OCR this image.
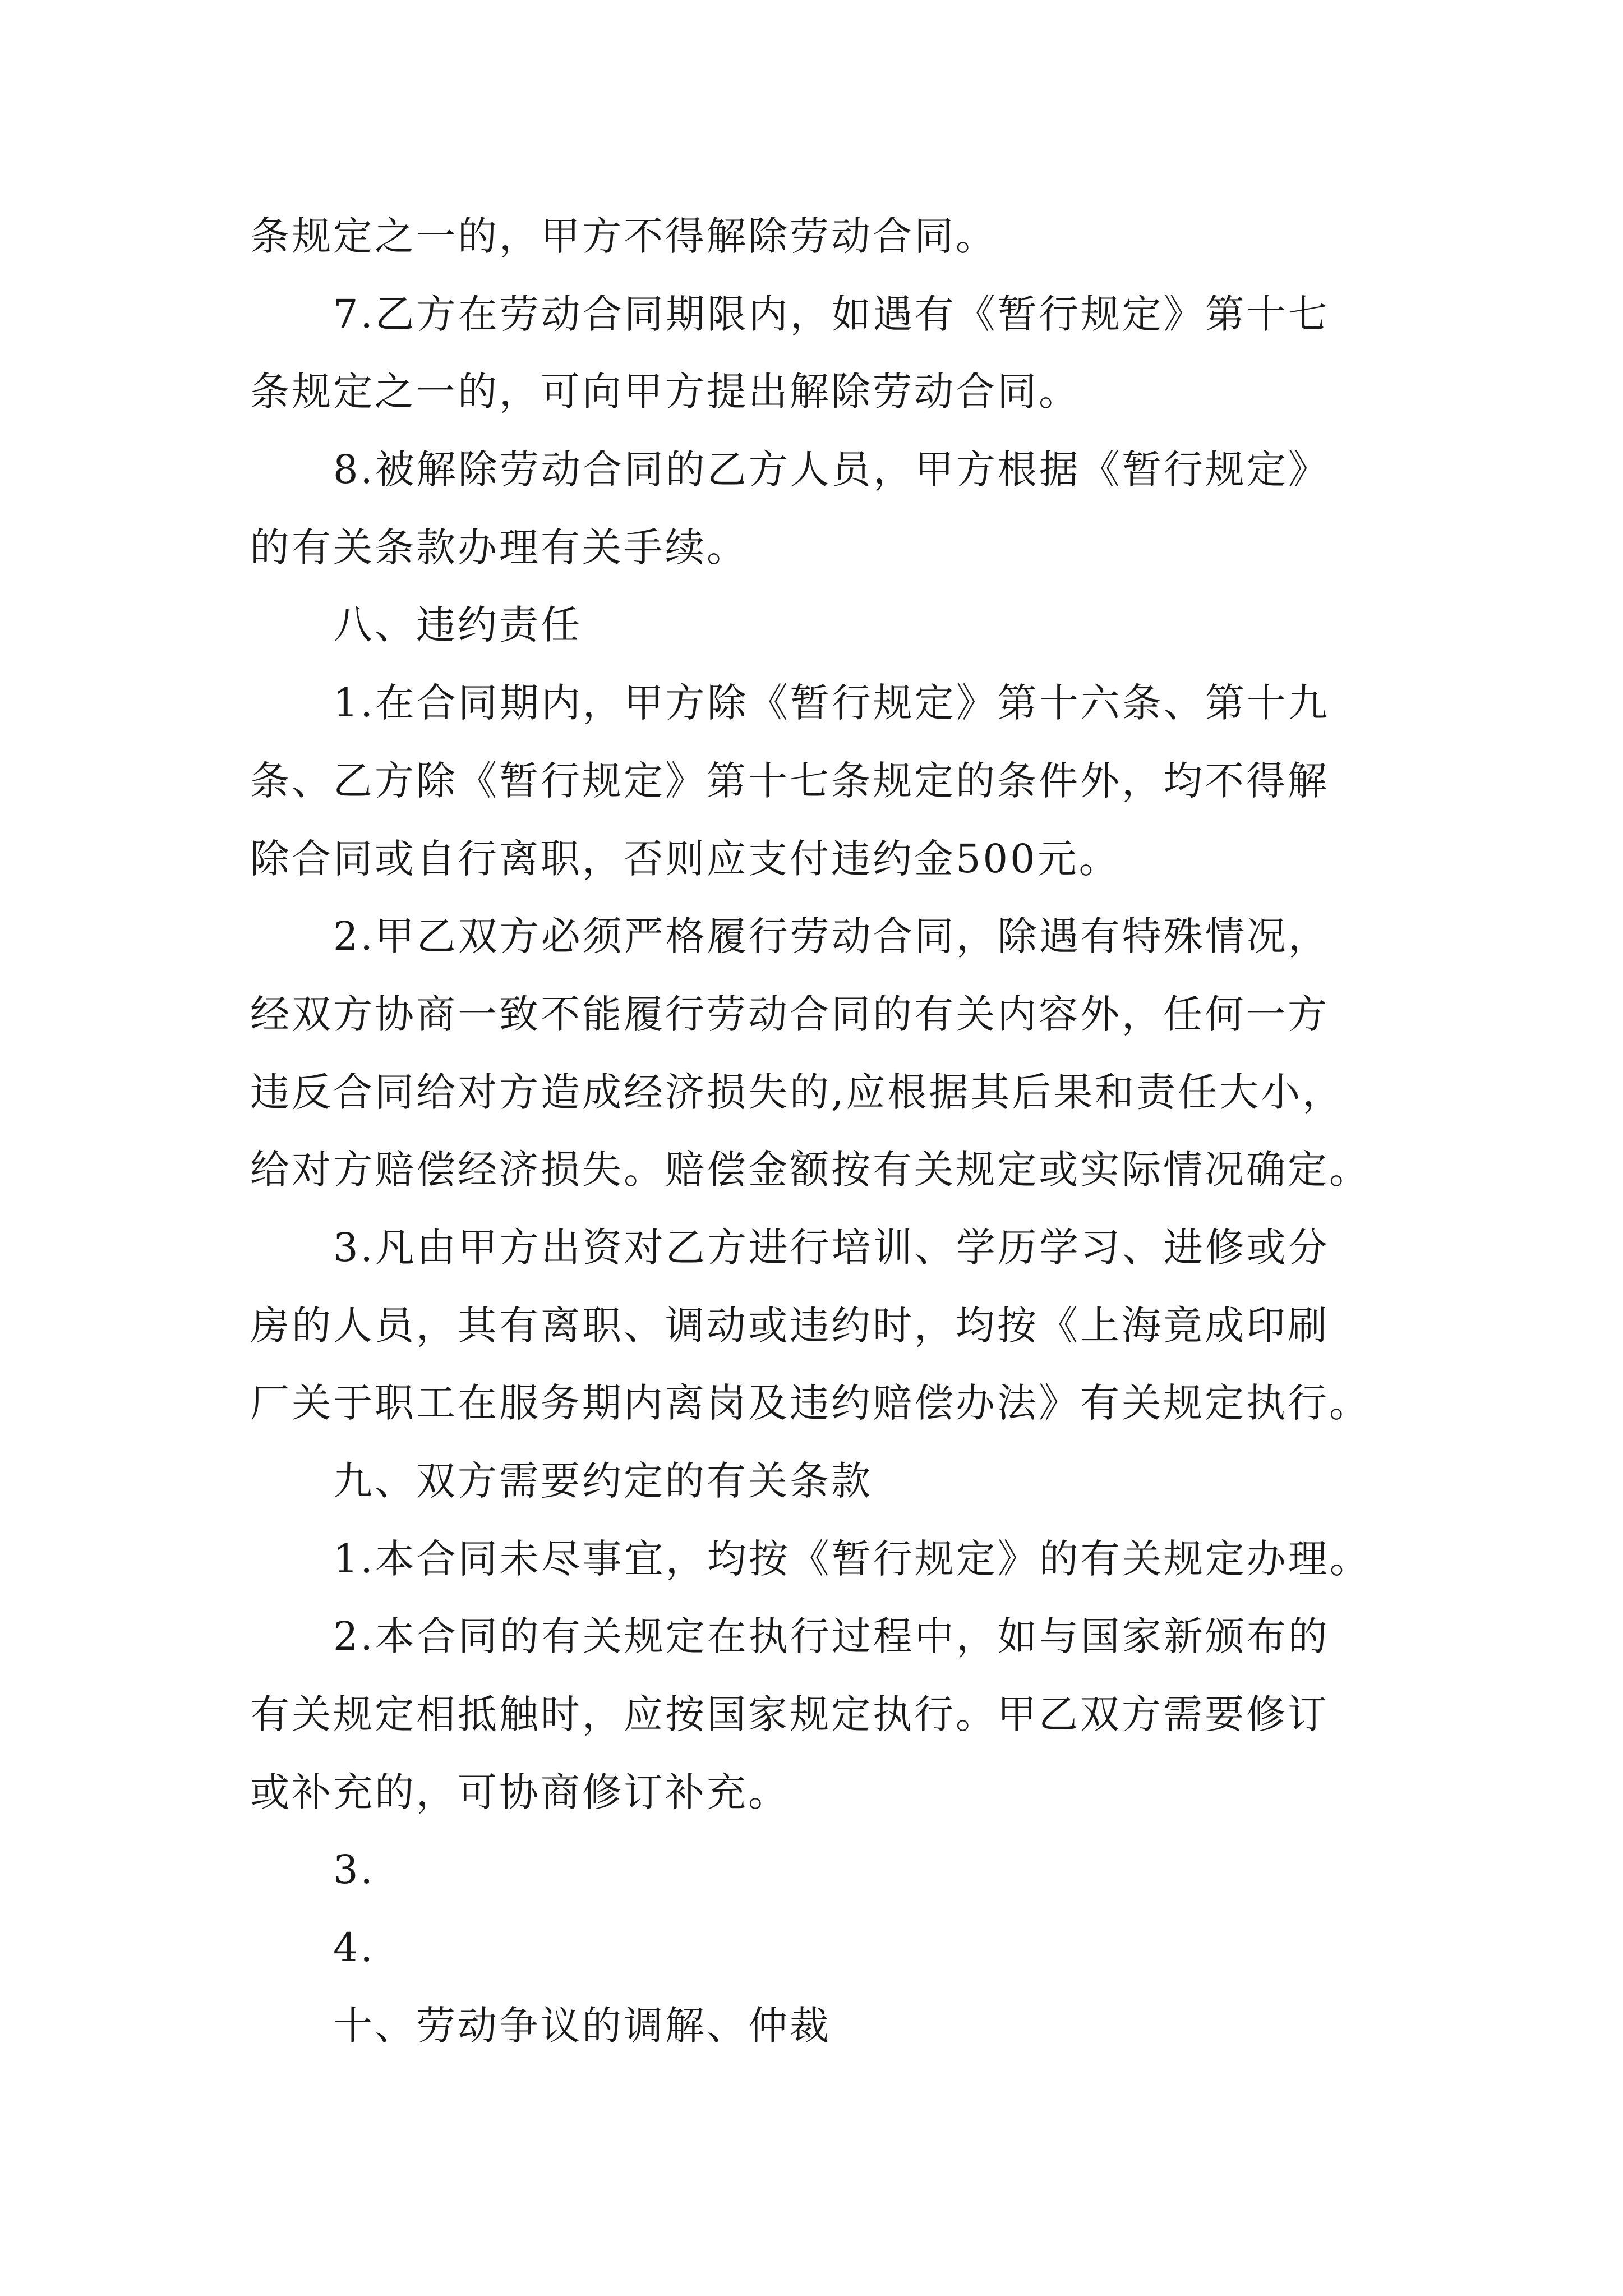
条规定之一的，甲方不得解除劳动合同。
7.乙方在劳动合同期限内，如遇有《暂行规定》第十七
条规定之一的，可向甲方提出解除劳动合同。
8.被解除劳动合同的乙方人员，甲方根据《暂行规定》
的有关条款办理有关手续。
八、违约责任
1.在合同期内，甲方除《暂行规定》第十六条、第十九
条、乙方除《暂行规定》第十七条规定的条件外，均不得解
除合同或自行离职，否则应支付违约金500元。
2.甲乙双方必须严格履行劳动合同，除遇有特殊情况，
经双方协商一致不能履行劳动合同的有关内容外，任何一方
违反合同给对方造成经济损失的,应根据其后果和责任大小，
给对方赔偿经济损失。赔偿金额按有关规定或实际情况确定。
3.凡由甲方出资对乙方进行培训、学历学习、进修或分
房的人员，其有离职、调动或违约时，均按《上海竟成印刷
厂关于职工在服务期内离岗及违约赔偿办法》有关规定执行。
九、双方需要约定的有关条款
1.本合同未尽事宜，均按《暂行规定》的有关规定办理。
2.本合同的有关规定在执行过程中，如与国家新颁布的
有关规定相抵触时，应按国家规定执行。甲乙双方需要修订
或补充的，可协商修订补充。
3.
4.
十、劳动争议的调解、仲裁
